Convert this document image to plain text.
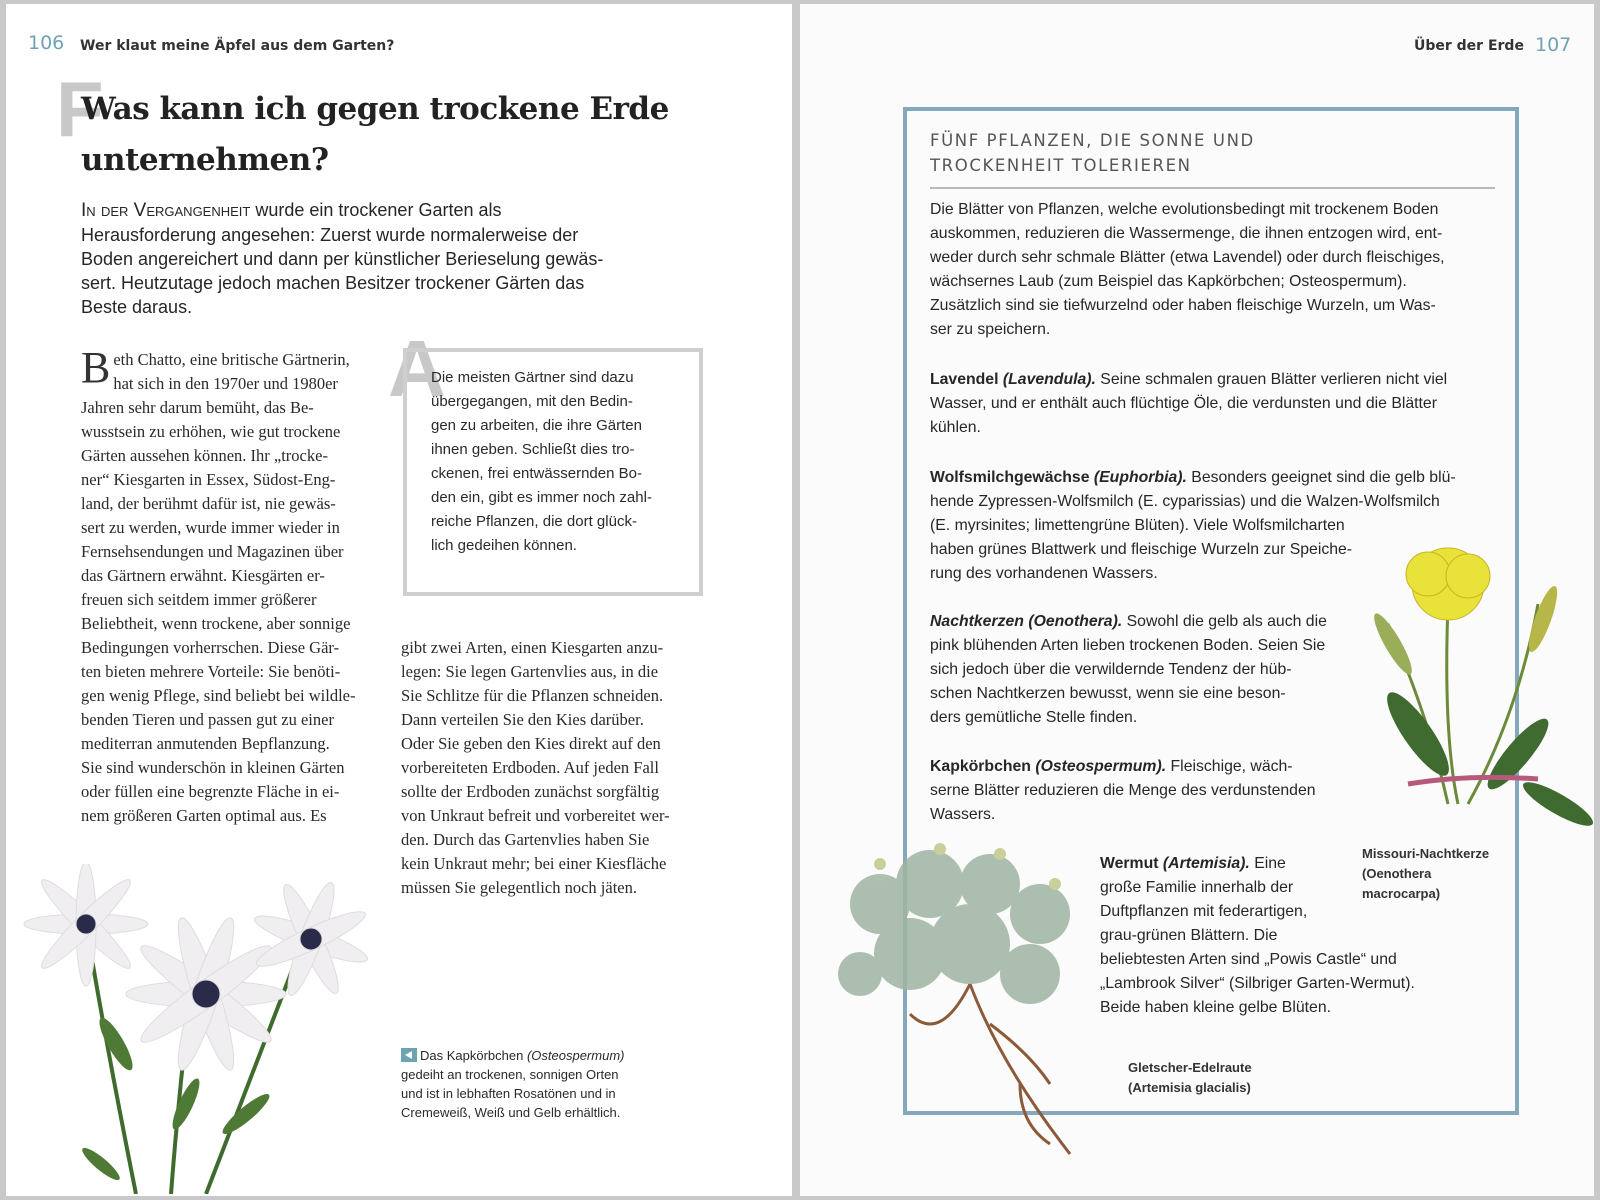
106 Wer klaut meine Äpfel aus dem Garten?
F
Was kann ich gegen trockene Erde unternehmen?

In der Vergangenheit wurde ein trockener Garten als
Herausforderung angesehen: Zuerst wurde normalerweise der
Boden angereichert und dann per künstlicher Berieselung gewäs-
sert. Heutzutage jedoch machen Besitzer trockener Gärten das
Beste daraus.

Beth Chatto, eine britische Gärtnerin,
hat sich in den 1970er und 1980er
Jahren sehr darum bemüht, das Be-
wusstsein zu erhöhen, wie gut trockene
Gärten aussehen können. Ihr „trocke-
ner“ Kiesgarten in Essex, Südost-Eng-
land, der berühmt dafür ist, nie gewäs-
sert zu werden, wurde immer wieder in
Fernsehsendungen und Magazinen über
das Gärtnern erwähnt. Kiesgärten er-
freuen sich seitdem immer größerer
Beliebtheit, wenn trockene, aber sonnige
Bedingungen vorherrschen. Diese Gär-
ten bieten mehrere Vorteile: Sie benöti-
gen wenig Pflege, sind beliebt bei wildle-
benden Tieren und passen gut zu einer
mediterran anmutenden Bepflanzung.
Sie sind wunderschön in kleinen Gärten
oder füllen eine begrenzte Fläche in ei-
nem größeren Garten optimal aus. Es
A

Die meisten Gärtner sind dazu
übergegangen, mit den Bedin-
gen zu arbeiten, die ihre Gärten
ihnen geben. Schließt dies tro-
ckenen, frei entwässernden Bo-
den ein, gibt es immer noch zahl-
reiche Pflanzen, die dort glück-
lich gedeihen können.

gibt zwei Arten, einen Kiesgarten anzu-
legen: Sie legen Gartenvlies aus, in die
Sie Schlitze für die Pflanzen schneiden.
Dann verteilen Sie den Kies darüber.
Oder Sie geben den Kies direkt auf den
vorbereiteten Erdboden. Auf jeden Fall
sollte der Erdboden zunächst sorgfältig
von Unkraut befreit und vorbereitet wer-
den. Durch das Gartenvlies haben Sie
kein Unkraut mehr; bei einer Kiesfläche
müssen Sie gelegentlich noch jäten.

Das Kapkörbchen (Osteospermum)
gedeiht an trockenen, sonnigen Orten
und ist in lebhaften Rosatönen und in
Cremeweiß, Weiß und Gelb erhältlich.

Über der Erde 107

FÜNF PFLANZEN, DIE SONNE UND
TROCKENHEIT TOLERIEREN

Die Blätter von Pflanzen, welche evolutionsbedingt mit trockenem Boden
auskommen, reduzieren die Wassermenge, die ihnen entzogen wird, ent-
weder durch sehr schmale Blätter (etwa Lavendel) oder durch fleischiges,
wächsernes Laub (zum Beispiel das Kapkörbchen; Osteospermum).
Zusätzlich sind sie tiefwurzelnd oder haben fleischige Wurzeln, um Was-
ser zu speichern.

Lavendel (Lavendula). Seine schmalen grauen Blätter verlieren nicht viel
Wasser, und er enthält auch flüchtige Öle, die verdunsten und die Blätter
kühlen.

Wolfsmilchgewächse (Euphorbia). Besonders geeignet sind die gelb blü-
hende Zypressen-Wolfsmilch (E. cyparissias) und die Walzen-Wolfsmilch
(E. myrsinites; limettengrüne Blüten). Viele Wolfsmilcharten
haben grünes Blattwerk und fleischige Wurzeln zur Speiche-
rung des vorhandenen Wassers.

Nachtkerzen (Oenothera). Sowohl die gelb als auch die
pink blühenden Arten lieben trockenen Boden. Seien Sie
sich jedoch über die verwildernde Tendenz der hüb-
schen Nachtkerzen bewusst, wenn sie eine beson-
ders gemütliche Stelle finden.

Kapkörbchen (Osteospermum). Fleischige, wäch-
serne Blätter reduzieren die Menge des verdunstenden
Wassers.

Wermut (Artemisia). Eine
große Familie innerhalb der
Duftpflanzen mit federartigen,
grau-grünen Blättern. Die
beliebtesten Arten sind „Powis Castle“ und
„Lambrook Silver“ (Silbriger Garten-Wermut).
Beide haben kleine gelbe Blüten.

Missouri-Nachtkerze
(Oenothera
macrocarpa)

Gletscher-Edelraute
(Artemisia glacialis)
